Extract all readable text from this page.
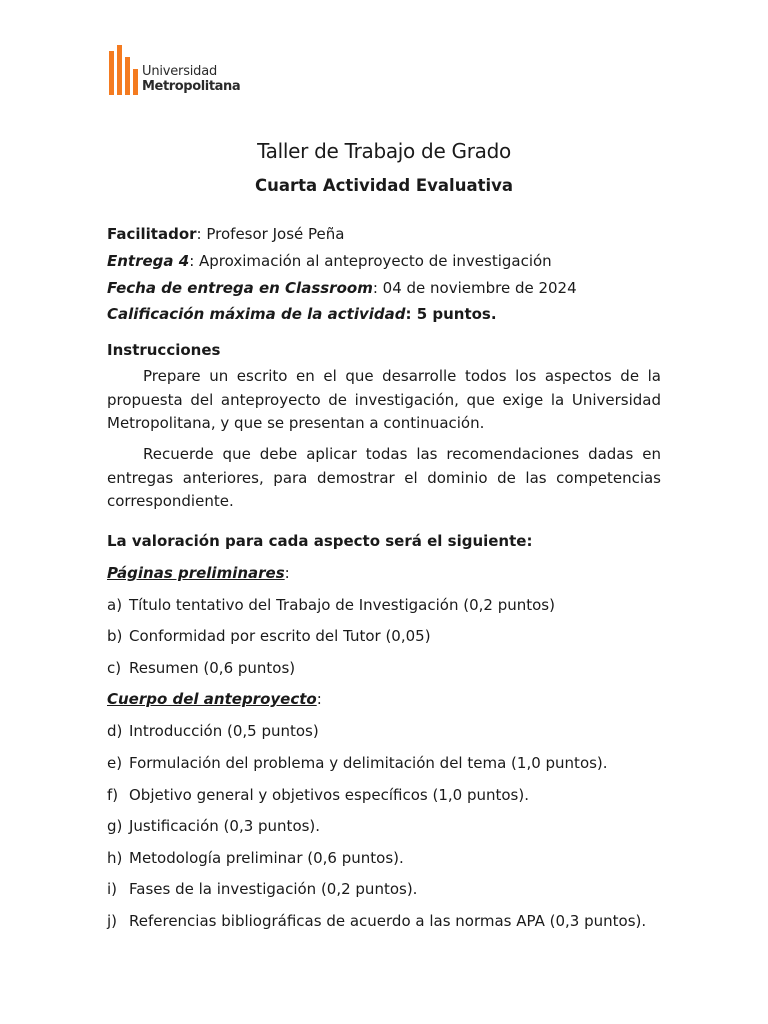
Universidad
Metropolitana
Taller de Trabajo de Grado
Cuarta Actividad Evaluativa
Facilitador: Profesor José Peña
Entrega 4: Aproximación al anteproyecto de investigación
Fecha de entrega en Classroom: 04 de noviembre de 2024
Calificación máxima de la actividad: 5 puntos.
Instrucciones

Prepare un escrito en el que desarrolle todos los aspectos de la propuesta del anteproyecto de investigación, que exige la Universidad Metropolitana, y que se presentan a continuación.

Recuerde que debe aplicar todas las recomendaciones dadas en entregas anteriores, para demostrar el dominio de las competencias correspondiente.

La valoración para cada aspecto será el siguiente:
Páginas preliminares:
a) Título tentativo del Trabajo de Investigación (0,2 puntos)
b) Conformidad por escrito del Tutor (0,05)
c) Resumen (0,6 puntos)
Cuerpo del anteproyecto:
d) Introducción (0,5 puntos)
e) Formulación del problema y delimitación del tema (1,0 puntos).
f) Objetivo general y objetivos específicos (1,0 puntos).
g) Justificación (0,3 puntos).
h) Metodología preliminar (0,6 puntos).
i) Fases de la investigación (0,2 puntos).
j) Referencias bibliográficas de acuerdo a las normas APA (0,3 puntos).
